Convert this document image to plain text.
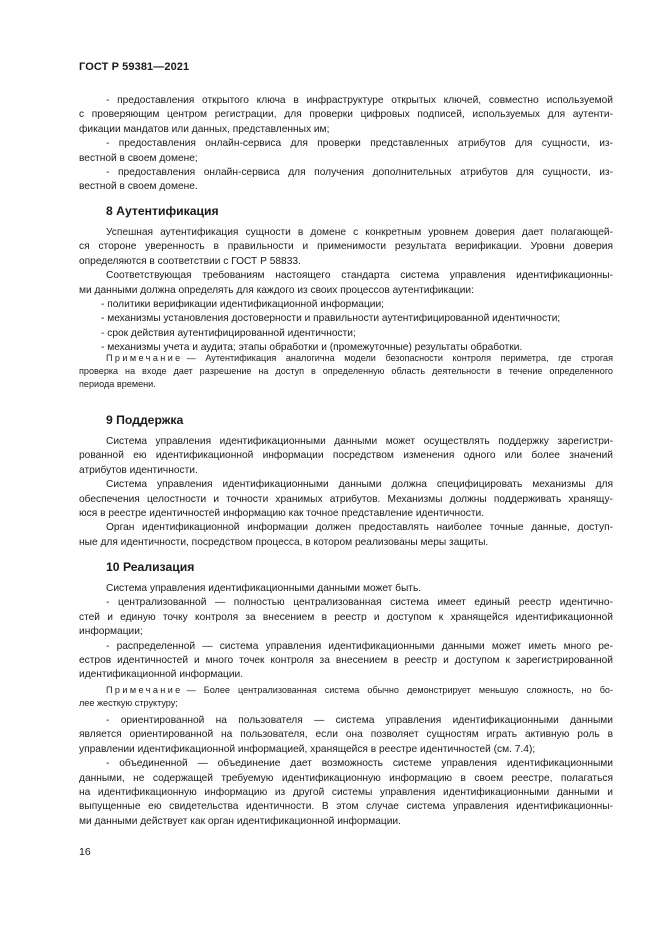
ГОСТ Р 59381—2021
- предоставления открытого ключа в инфраструктуре открытых ключей, совместно используемой
с проверяющим центром регистрации, для проверки цифровых подписей, используемых для аутенти-
фикации мандатов или данных, представленных им;
- предоставления онлайн-сервиса для проверки представленных атрибутов для сущности, из-
вестной в своем домене;
- предоставления онлайн-сервиса для получения дополнительных атрибутов для сущности, из-
вестной в своем домене.
8 Аутентификация
Успешная аутентификация сущности в домене с конкретным уровнем доверия дает полагающей-
ся стороне уверенность в правильности и применимости результата верификации. Уровни доверия
определяются в соответствии с ГОСТ Р 58833.
Соответствующая требованиям настоящего стандарта система управления идентификационны-
ми данными должна определять для каждого из своих процессов аутентификации:
- политики верификации идентификационной информации;
- механизмы установления достоверности и правильности аутентифицированной идентичности;
- срок действия аутентифицированной идентичности;
- механизмы учета и аудита; этапы обработки и (промежуточные) результаты обработки.
Примечание — Аутентификация аналогична модели безопасности контроля периметра, где строгая
проверка на входе дает разрешение на доступ в определенную область деятельности в течение определенного
периода времени.
9 Поддержка
Система управления идентификационными данными может осуществлять поддержку зарегистри-
рованной ею идентификационной информации посредством изменения одного или более значений
атрибутов идентичности.
Система управления идентификационными данными должна специфицировать механизмы для
обеспечения целостности и точности хранимых атрибутов. Механизмы должны поддерживать хранящу-
юся в реестре идентичностей информацию как точное представление идентичности.
Орган идентификационной информации должен предоставлять наиболее точные данные, доступ-
ные для идентичности, посредством процесса, в котором реализованы меры защиты.
10 Реализация
Система управления идентификационными данными может быть.
- централизованной — полностью централизованная система имеет единый реестр идентично-
стей и единую точку контроля за внесением в реестр и доступом к хранящейся идентификационной
информации;
- распределенной — система управления идентификационными данными может иметь много ре-
естров идентичностей и много точек контроля за внесением в реестр и доступом к зарегистрированной
идентификационной информации.
Примечание — Более централизованная система обычно демонстрирует меньшую сложность, но бо-
лее жесткую структуру;
- ориентированной на пользователя — система управления идентификационными данными
является ориентированной на пользователя, если она позволяет сущностям играть активную роль в
управлении идентификационной информацией, хранящейся в реестре идентичностей (см. 7.4);
- объединенной — объединение дает возможность системе управления идентификационными
данными, не содержащей требуемую идентификационную информацию в своем реестре, полагаться
на идентификационную информацию из другой системы управления идентификационными данными и
выпущенные ею свидетельства идентичности. В этом случае система управления идентификационны-
ми данными действует как орган идентификационной информации.
16
